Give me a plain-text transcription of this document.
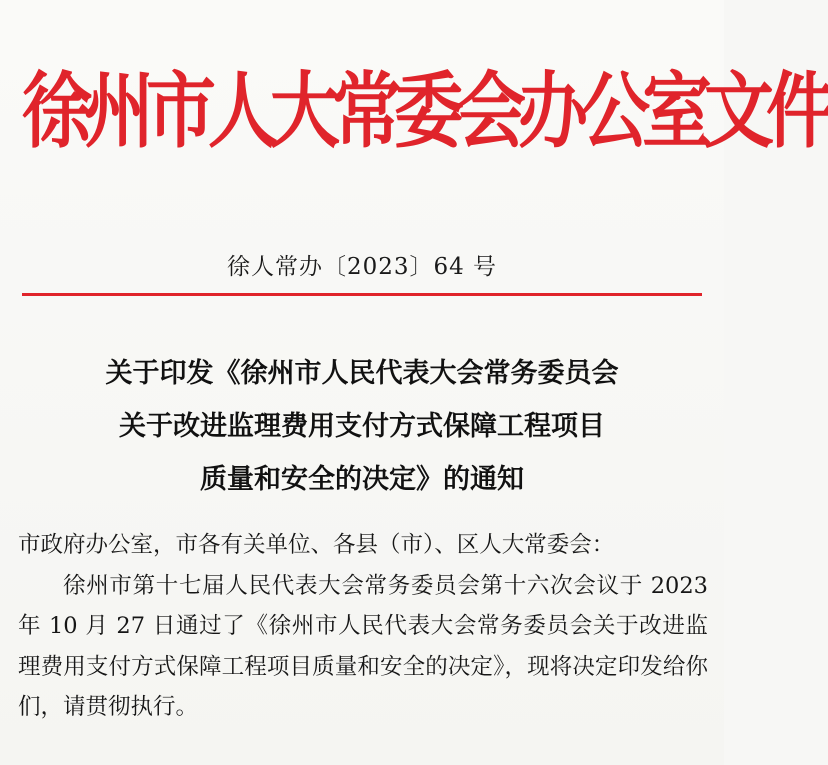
徐州市人大常委会办公室文件
徐人常办〔2023〕64 号
关于印发《徐州市人民代表大会常务委员会
关于改进监理费用支付方式保障工程项目
质量和安全的决定》的通知

市政府办公室，市各有关单位、各县（市）、区人大常委会：

徐州市第十七届人民代表大会常务委员会第十六次会议于 2023 年 10 月 27 日通过了《徐州市人民代表大会常务委员会关于改进监理费用支付方式保障工程项目质量和安全的决定》，现将决定印发给你们，请贯彻执行。
